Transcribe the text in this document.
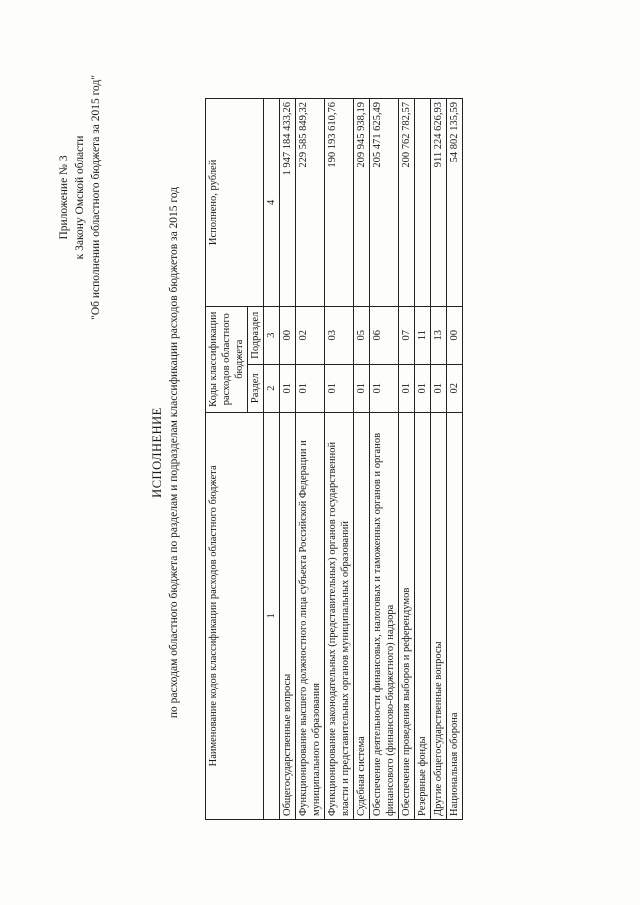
Приложение № 3 к Закону Омской области "Об исполнении областного бюджета за 2015 год"
ИСПОЛНЕНИЕ по расходам областного бюджета по разделам и подразделам классификации расходов бюджетов за 2015 год	Наименование кодов классификации расходов областного бюджета	Коды классификации расходов областного бюджета		Исполнено, рублей
	Раздел	Подраздел	
1	2	3	4
Общегосударственные вопросы	01	00	1 947 184 433,26
Функционирование высшего должностного лица субъекта Российской Федерации и муниципального образования	01	02	229 585 849,32
Функционирование законодательных (представительных) органов государственной власти и представительных органов муниципальных образований	01	03	190 193 610,76
Судебная система	01	05	209 945 938,19
Обеспечение деятельности финансовых, налоговых и таможенных органов и органов финансового (финансово-бюджетного) надзора	01	06	205 471 625,49
Обеспечение проведения выборов и референдумов	01	07	200 762 782,57
Резервные фонды	01	11	
Другие общегосударственные вопросы	01	13	911 224 626,93
Национальная оборона	02	00	54 802 135,59
